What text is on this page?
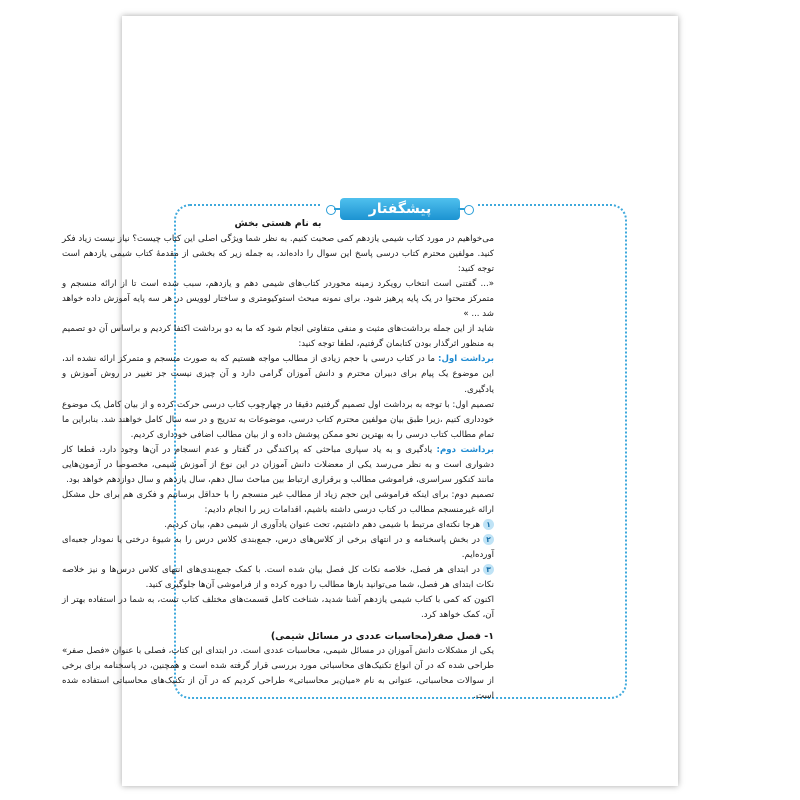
پیشگفتار

به نام هستی بخش

می‌خواهیم در مورد کتاب شیمی یازدهم کمی صحبت کنیم. به نظر شما ویژگی اصلی این کتاب چیست؟ نیاز نیست زیاد فکر کنید. مولفین محترم کتاب درسی پاسخ این سوال را داده‌اند، به جمله زیر که بخشی از مقدمهٔ کتاب شیمی یازدهم است توجه کنید:

«... گفتنی است انتخاب رویکرد زمینه محوردر کتاب‌های شیمی دهم و یازدهم، سبب شده است تا از ارائه منسجم و متمرکز محتوا در یک پایه پرهیز شود. برای نمونه مبحث استوکیومتری و ساختار لوویس در هر سه پایه آموزش داده خواهد شد ... »

شاید از این جمله برداشت‌های مثبت و منفی متفاوتی انجام شود که ما به دو برداشت اکتفا کردیم و براساس آن دو تصمیم به منظور اثرگذار بودن کتابمان گرفتیم، لطفا توجه کنید:

برداشت اول: ما در کتاب درسی با حجم زیادی از مطالب مواجه هستیم که به صورت منسجم و متمرکز ارائه نشده اند، این موضوع یک پیام برای دبیران محترم و دانش آموزان گرامی دارد و آن چیزی نیست جز تغییر در روش آموزش و یادگیری.

تصمیم اول: با توجه به برداشت اول تصمیم گرفتیم دقیقا در چهارچوب کتاب درسی حرکت کرده و از بیان کامل یک موضوع خودداری کنیم ،زیرا طبق بیان مولفین محترم کتاب درسی، موضوعات به تدریج و در سه سال کامل خواهند شد. بنابراین ما تمام مطالب کتاب درسی را به بهترین نحو ممکن پوشش داده و از بیان مطالب اضافی خودداری کردیم.

برداشت دوم: یادگیری و به یاد سپاری مباحثی که پراکندگی در گفتار و عدم انسجام در آن‌ها وجود دارد، قطعا کار دشواری است و به نظر می‌رسد یکی از معضلات دانش آموزان در این نوع از آموزش شیمی، مخصوصا در آزمون‌هایی مانند کنکور سراسری، فراموشی مطالب و برقراری ارتباط بین مباحث سال دهم، سال یازدهم و سال دوازدهم خواهد بود.

تصمیم دوم: برای اینکه فراموشی این حجم زیاد از مطالب غیر منسجم را با حداقل برسانیم و فکری هم برای حل مشکل ارائه غیرمنسجم مطالب در کتاب درسی داشته باشیم، اقدامات زیر را انجام دادیم:

۱هرجا نکته‌ای مرتبط با شیمی دهم داشتیم، تحت عنوان یادآوری از شیمی دهم، بیان کردیم.

۲در بخش پاسخنامه و در انتهای برخی از کلاس‌های درس، جمع‌بندی کلاس درس را به شیوهٔ درختی یا نمودار جعبه‌ای آورده‌ایم.

۳در ابتدای هر فصل، خلاصه نکات کل فصل بیان شده است. با کمک جمع‌بندی‌های انتهای کلاس درس‌ها و نیز خلاصه نکات ابتدای هر فصل، شما می‌توانید بارها مطالب را دوره کرده و از فراموشی آن‌ها جلوگیری کنید.

اکنون که کمی با کتاب شیمی یازدهم آشنا شدید، شناخت کامل قسمت‌های مختلف کتاب تست، به شما در استفاده بهتر از آن، کمک خواهد کرد.

۱- فصل صفر(محاسبات عددی در مسائل شیمی)

یکی از مشکلات دانش آموزان در مسائل شیمی، محاسبات عددی است. در ابتدای این کتاب، فصلی با عنوان «فصل صفر» طراحی شده که در آن انواع تکنیک‌های محاسباتی مورد بررسی قرار گرفته شده است و همچنین، در پاسخنامه برای برخی از سوالات محاسباتی، عنوانی به نام «میان‌بر محاسباتی» طراحی کردیم که در آن از تکنیک‌های محاسباتی استفاده شده است.
